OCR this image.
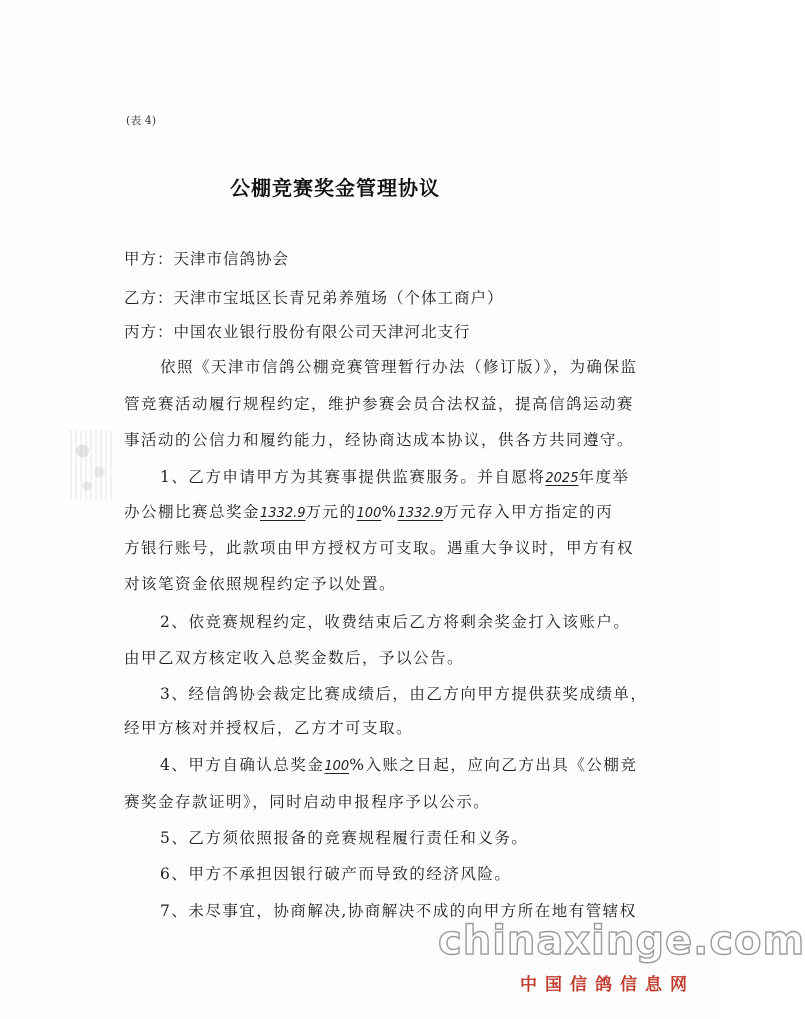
(表 4)
公棚竞赛奖金管理协议
甲方：天津市信鸽协会
乙方：天津市宝坻区长青兄弟养殖场（个体工商户）
丙方：中国农业银行股份有限公司天津河北支行
依照《天津市信鸽公棚竞赛管理暂行办法（修订版）》，为确保监
管竞赛活动履行规程约定，维护参赛会员合法权益，提高信鸽运动赛
事活动的公信力和履约能力，经协商达成本协议，供各方共同遵守。
1、乙方申请甲方为其赛事提供监赛服务。并自愿将2025年度举
办公棚比赛总奖金1332.9万元的100%1332.9万元存入甲方指定的丙
方银行账号，此款项由甲方授权方可支取。遇重大争议时，甲方有权
对该笔资金依照规程约定予以处置。
2、依竞赛规程约定，收费结束后乙方将剩余奖金打入该账户。
由甲乙双方核定收入总奖金数后，予以公告。
3、经信鸽协会裁定比赛成绩后，由乙方向甲方提供获奖成绩单，
经甲方核对并授权后，乙方才可支取。
4、甲方自确认总奖金100%入账之日起，应向乙方出具《公棚竞
赛奖金存款证明》，同时启动申报程序予以公示。
5、乙方须依照报备的竞赛规程履行责任和义务。
6、甲方不承担因银行破产而导致的经济风险。
7、未尽事宜，协商解决,协商解决不成的向甲方所在地有管辖权
chinaxinge.com
中国信鸽信息网
